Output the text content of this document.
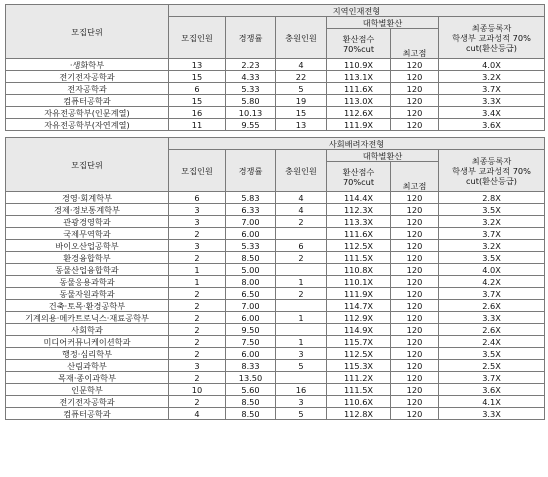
모집단위	지역인재전형					
	모집인원	경쟁률	충원인원	대학별환산		최종등록자
학생부 교과성적 70%
cut(환산등급)

				환산점수
70%cut		

					최고점	
·생화학부	13	2.23	4	110.9X	120	4.0X
전기전자공학과	15	4.33	22	113.1X	120	3.2X
전자공학과	6	5.33	5	111.6X	120	3.7X
컴퓨터공학과	15	5.80	19	113.0X	120	3.3X
자유전공학부(인문계열)	16	10.13	15	112.6X	120	3.4X
자유전공학부(자연계열)	11	9.55	13	111.9X	120	3.6X
모집단위	사회배려자전형					
	모집인원	경쟁률	충원인원	대학별환산		최종등록자
학생부 교과성적 70%
cut(환산등급)

				환산점수
70%cut		

					최고점	
경영·회계학부	6	5.83	4	114.4X	120	2.8X
경제·정보통계학부	3	6.33	4	112.3X	120	3.5X
관광경영학과	3	7.00	2	113.3X	120	3.2X
국제무역학과	2	6.00		111.6X	120	3.7X
바이오산업공학부	3	5.33	6	112.5X	120	3.2X
환경융합학부	2	8.50	2	111.5X	120	3.5X
동물산업융합학과	1	5.00		110.8X	120	4.0X
동물응용과학과	1	8.00	1	110.1X	120	4.2X
동물자원과학과	2	6.50	2	111.9X	120	3.7X
건축·토목·환경공학부	2	7.00		114.7X	120	2.6X
기계의용·메카트로닉스·재료공학부	2	6.00	1	112.9X	120	3.3X
사회학과	2	9.50		114.9X	120	2.6X
미디어커뮤니케이션학과	2	7.50	1	115.7X	120	2.4X
행정·심리학부	2	6.00	3	112.5X	120	3.5X
산림과학부	3	8.33	5	115.3X	120	2.5X
목재·종이과학부	2	13.50		111.2X	120	3.7X
인문학부	10	5.60	16	111.5X	120	3.6X
전기전자공학과	2	8.50	3	110.6X	120	4.1X
컴퓨터공학과	4	8.50	5	112.8X	120	3.3X
